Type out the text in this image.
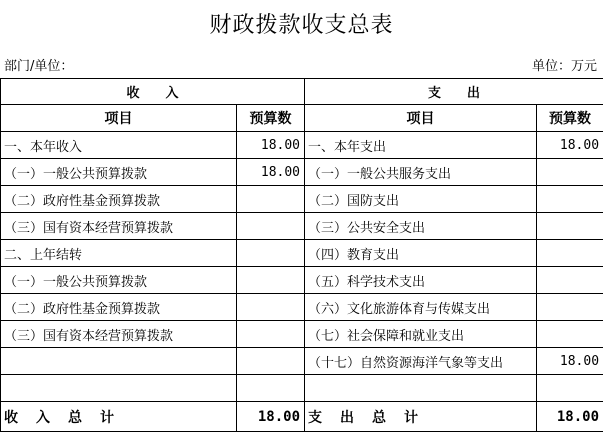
财政拨款收支总表
部门/单位：	单位：万元
收　　入		支　　出	
项目	预算数	项目	预算数
一、本年收入	18.00	一、本年支出	18.00
（一）一般公共预算拨款	18.00	（一）一般公共服务支出	
（二）政府性基金预算拨款		（二）国防支出	
（三）国有资本经营预算拨款		（三）公共安全支出	
二、上年结转		（四）教育支出	
（一）一般公共预算拨款		（五）科学技术支出	
（二）政府性基金预算拨款		（六）文化旅游体育与传媒支出	
（三）国有资本经营预算拨款		（七）社会保障和就业支出	
		（十七）自然资源海洋气象等支出	18.00

收　入　总　计	18.00	支　出　总　计	18.00
